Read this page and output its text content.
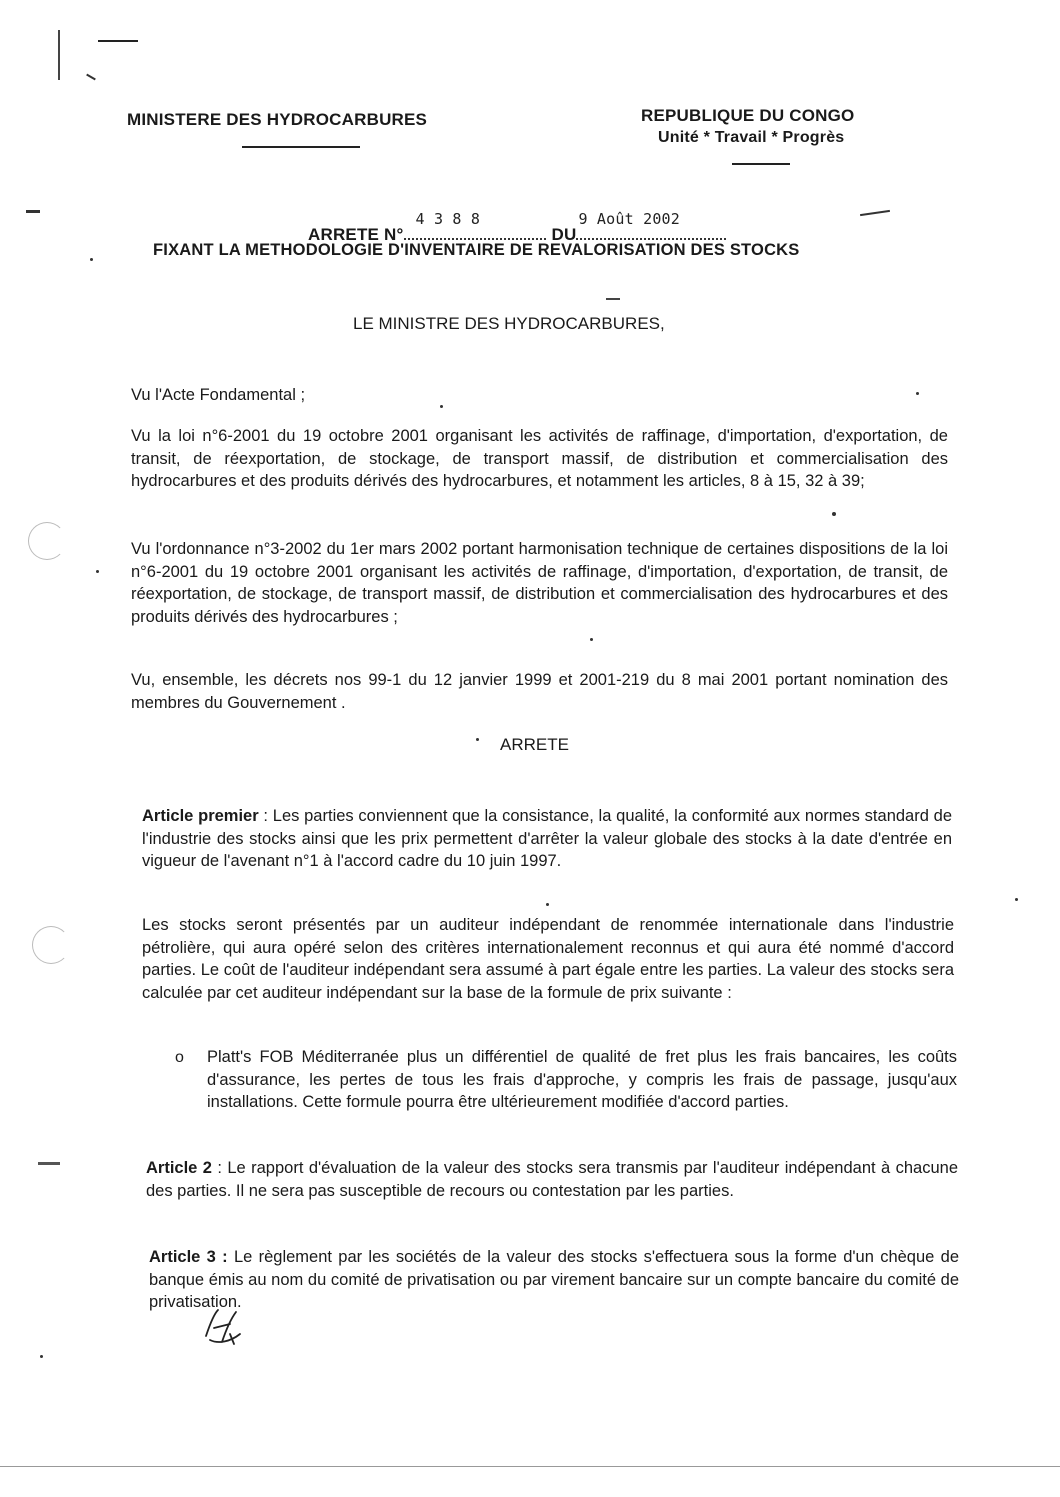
MINISTERE DES HYDROCARBURES	REPUBLIQUE DU CONGO
Unité * Travail * Progrès
ARRETE N°
4 3 8 8
DU
9 Août 2002
FIXANT LA METHODOLOGIE D'INVENTAIRE DE REVALORISATION DES STOCKS
LE MINISTRE DES HYDROCARBURES,
Vu l'Acte Fondamental ;
Vu la loi n°6-2001 du 19 octobre 2001 organisant les activités de raffinage, d'importation, d'exportation, de transit, de réexportation, de stockage, de transport massif, de distribution et commercialisation des hydrocarbures et des produits dérivés des hydrocarbures, et notamment les articles, 8 à 15, 32 à 39;
Vu l'ordonnance n°3-2002 du 1er mars 2002 portant harmonisation technique de certaines dispositions de la loi n°6-2001 du 19 octobre 2001 organisant les activités de raffinage, d'importation, d'exportation, de transit, de réexportation, de stockage, de transport massif, de distribution et commercialisation des hydrocarbures et des produits dérivés des hydrocarbures ;
Vu, ensemble, les décrets nos 99-1 du 12 janvier 1999 et 2001-219 du 8 mai 2001 portant nomination des membres du Gouvernement .
ARRETE
Article premier : Les parties conviennent que la consistance, la qualité, la conformité aux normes standard de l'industrie des stocks ainsi que les prix permettent d'arrêter la valeur globale des stocks à la date d'entrée en vigueur de l'avenant n°1 à l'accord cadre du 10 juin 1997.
Les stocks seront présentés par un auditeur indépendant de renommée internationale dans l'industrie pétrolière, qui aura opéré selon des critères internationalement reconnus et qui aura été nommé d'accord parties. Le coût de l'auditeur indépendant sera assumé à part égale entre les parties. La valeur des stocks sera calculée par cet auditeur indépendant sur la base de la formule de prix suivante :
o Platt's FOB Méditerranée plus un différentiel de qualité de fret plus les frais bancaires, les coûts d'assurance, les pertes de tous les frais d'approche, y compris les frais de passage, jusqu'aux installations. Cette formule pourra être ultérieurement modifiée d'accord parties.
Article 2 : Le rapport d'évaluation de la valeur des stocks sera transmis par l'auditeur indépendant à chacune des parties. Il ne sera pas susceptible de recours ou contestation par les parties.
Article 3 : Le règlement par les sociétés de la valeur des stocks s'effectuera sous la forme d'un chèque de banque émis au nom du comité de privatisation ou par virement bancaire sur un compte bancaire du comité de privatisation.
